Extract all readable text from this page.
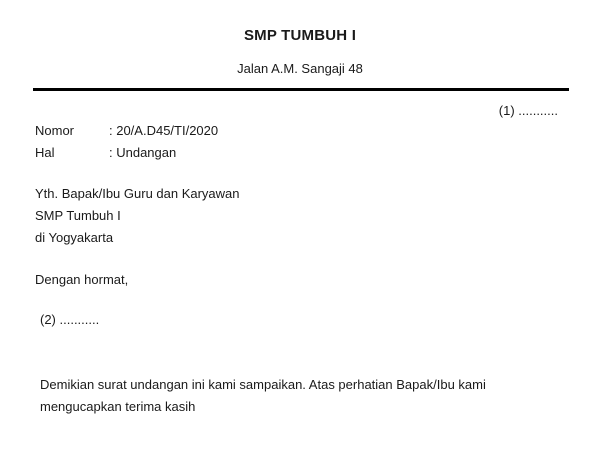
SMP TUMBUH I
Jalan A.M. Sangaji 48
(1) ...........
Nomor	: 20/A.D45/TI/2020
Hal	: Undangan
Yth. Bapak/Ibu Guru dan Karyawan
SMP Tumbuh I
di Yogyakarta
Dengan hormat,
(2) ...........
Demikian surat undangan ini kami sampaikan. Atas perhatian Bapak/Ibu kami mengucapkan terima kasih
